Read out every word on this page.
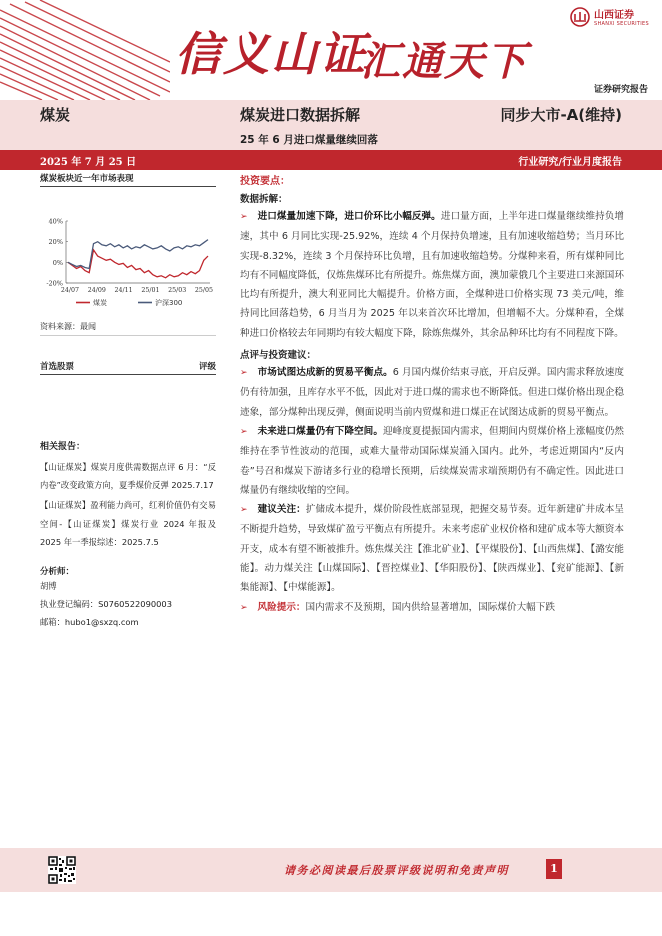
信义山证
汇通天下
山西证券
SHANXI SECURITIES
证券研究报告
煤炭	煤炭进口数据拆解	同步大市-A(维持)
25 年 6 月进口煤量继续回落
2025 年 7 月 25 日	行业研究/行业月度报告
煤炭板块近一年市场表现
40%
20%
0%
-20%
24/07 24/09 24/11 25/01 25/03 25/05
煤炭	沪深300
资料来源：最闻
首选股票	评级
相关报告：
【山证煤炭】煤炭月度供需数据点评 6 月：“反内卷”改变政策方向，夏季煤价反弹 2025.7.17
【山证煤炭】盈利能力尚可，红利价值仍有交易空间-【山证煤炭】煤炭行业 2024 年报及 2025 年一季报综述：2025.7.5
分析师：
胡博
执业登记编码：S0760522090003
邮箱：hubo1@sxzq.com
投资要点：
数据拆解：
➢ 进口煤量加速下降，进口价环比小幅反弹。进口量方面，上半年进口煤量继续维持负增速，其中 6 月同比实现-25.92%，连续 4 个月保持负增速，且有加速收缩趋势；当月环比实现-8.32%，连续 3 个月保持环比负增，且有加速收缩趋势。分煤种来看，所有煤种同比均有不同幅度降低，仅炼焦煤环比有所提升。炼焦煤方面，澳加蒙俄几个主要进口来源国环比均有所提升，澳大利亚同比大幅提升。价格方面，全煤种进口价格实现 73 美元/吨，维持同比回落趋势，6 月当月为 2025 年以来首次环比增加，但增幅不大。分煤种看，全煤种进口价格较去年同期均有较大幅度下降，除炼焦煤外，其余品种环比均有不同程度下降。
点评与投资建议：
➢ 市场试图达成新的贸易平衡点。6 月国内煤价结束寻底，开启反弹。国内需求释放速度仍有待加强，且库存水平不低，因此对于进口煤的需求也不断降低。但进口煤价格出现企稳迹象，部分煤种出现反弹，侧面说明当前内贸煤和进口煤正在试图达成新的贸易平衡点。
➢ 未来进口煤量仍有下降空间。迎峰度夏提振国内需求，但期间内贸煤价格上涨幅度仍然维持在季节性波动的范围，或难大量带动国际煤炭涌入国内。此外，考虑近期国内“反内卷”号召和煤炭下游诸多行业的稳增长预期，后续煤炭需求端预期仍有不确定性。因此进口煤量仍有继续收缩的空间。
➢ 建议关注：扩储成本提升，煤价阶段性底部显现，把握交易节奏。近年新建矿井成本呈不断提升趋势，导致煤矿盈亏平衡点有所提升。未来考虑矿业权价格和建矿成本等大额资本开支，成本有望不断被推升。炼焦煤关注【淮北矿业】、【平煤股份】、【山西焦煤】、【潞安能能】。动力煤关注【山煤国际】、【晋控煤业】、【华阳股份】、【陕西煤业】、【兖矿能源】、【新集能源】、【中煤能源】。
➢ 风险提示：国内需求不及预期，国内供给显著增加，国际煤价大幅下跌
请务必阅读最后股票评级说明和免责声明	1
